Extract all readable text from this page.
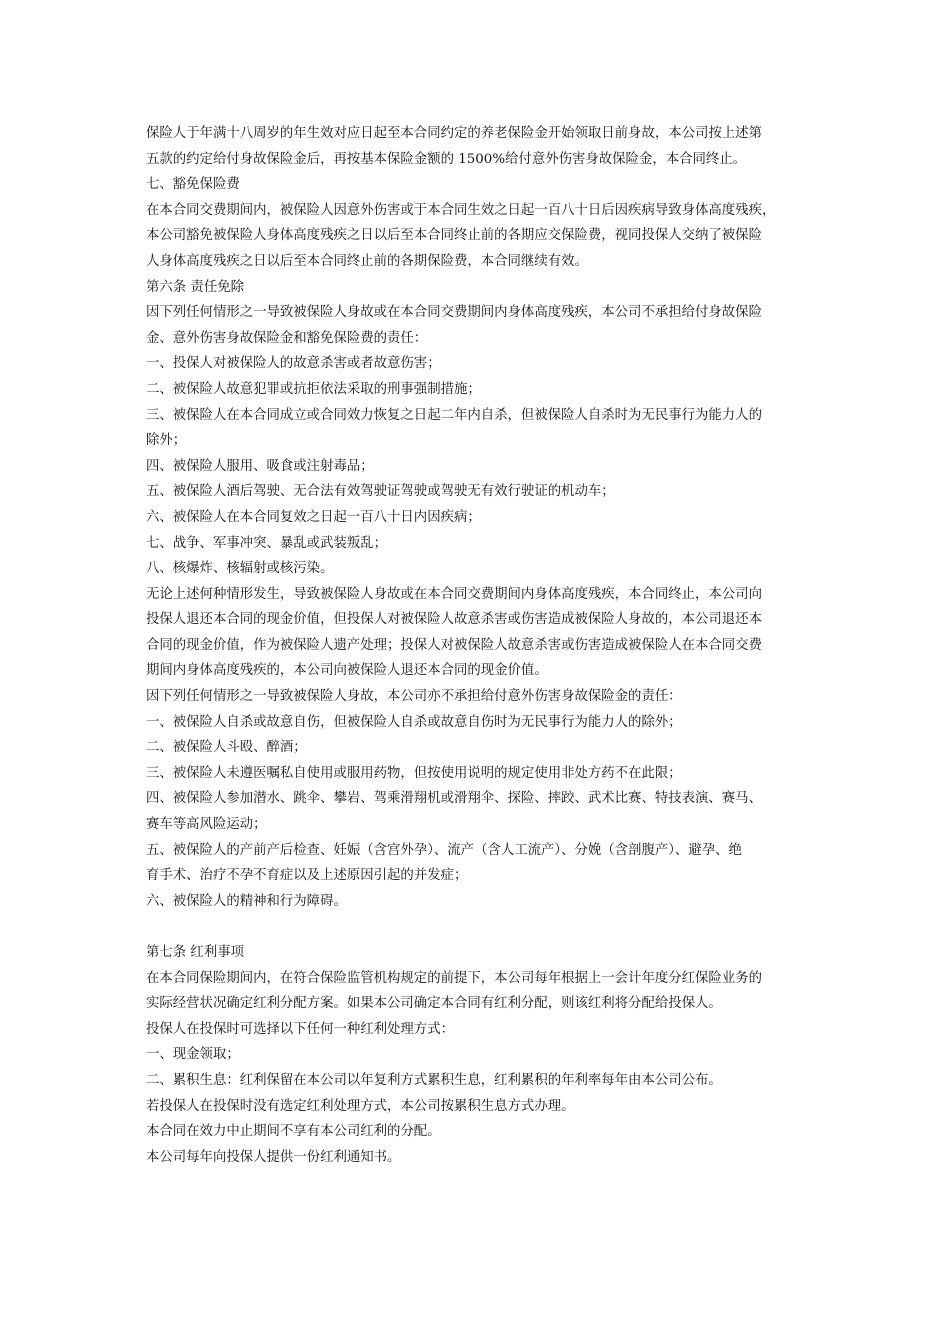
保险人于年满十八周岁的年生效对应日起至本合同约定的养老保险金开始领取日前身故，本公司按上述第
五款的约定给付身故保险金后，再按基本保险金额的 1500%给付意外伤害身故保险金，本合同终止。
七、豁免保险费
在本合同交费期间内，被保险人因意外伤害或于本合同生效之日起一百八十日后因疾病导致身体高度残疾，
本公司豁免被保险人身体高度残疾之日以后至本合同终止前的各期应交保险费，视同投保人交纳了被保险
人身体高度残疾之日以后至本合同终止前的各期保险费，本合同继续有效。
第六条 责任免除
因下列任何情形之一导致被保险人身故或在本合同交费期间内身体高度残疾，本公司不承担给付身故保险
金、意外伤害身故保险金和豁免保险费的责任：
一、投保人对被保险人的故意杀害或者故意伤害；
二、被保险人故意犯罪或抗拒依法采取的刑事强制措施；
三、被保险人在本合同成立或合同效力恢复之日起二年内自杀，但被保险人自杀时为无民事行为能力人的
除外；
四、被保险人服用、吸食或注射毒品；
五、被保险人酒后驾驶、无合法有效驾驶证驾驶或驾驶无有效行驶证的机动车；
六、被保险人在本合同复效之日起一百八十日内因疾病；
七、战争、军事冲突、暴乱或武装叛乱；
八、核爆炸、核辐射或核污染。
无论上述何种情形发生，导致被保险人身故或在本合同交费期间内身体高度残疾，本合同终止，本公司向
投保人退还本合同的现金价值，但投保人对被保险人故意杀害或伤害造成被保险人身故的，本公司退还本
合同的现金价值，作为被保险人遗产处理；投保人对被保险人故意杀害或伤害造成被保险人在本合同交费
期间内身体高度残疾的，本公司向被保险人退还本合同的现金价值。
因下列任何情形之一导致被保险人身故，本公司亦不承担给付意外伤害身故保险金的责任：
一、被保险人自杀或故意自伤，但被保险人自杀或故意自伤时为无民事行为能力人的除外；
二、被保险人斗殴、醉酒；
三、被保险人未遵医嘱私自使用或服用药物，但按使用说明的规定使用非处方药不在此限；
四、被保险人参加潜水、跳伞、攀岩、驾乘滑翔机或滑翔伞、探险、摔跤、武术比赛、特技表演、赛马、
赛车等高风险运动；
五、被保险人的产前产后检查、妊娠（含宫外孕）、流产（含人工流产）、分娩（含剖腹产）、避孕、绝
育手术、治疗不孕不育症以及上述原因引起的并发症；
六、被保险人的精神和行为障碍。
第七条 红利事项
在本合同保险期间内，在符合保险监管机构规定的前提下，本公司每年根据上一会计年度分红保险业务的
实际经营状况确定红利分配方案。如果本公司确定本合同有红利分配，则该红利将分配给投保人。
投保人在投保时可选择以下任何一种红利处理方式：
一、现金领取；
二、累积生息：红利保留在本公司以年复利方式累积生息，红利累积的年利率每年由本公司公布。
若投保人在投保时没有选定红利处理方式，本公司按累积生息方式办理。
本合同在效力中止期间不享有本公司红利的分配。
本公司每年向投保人提供一份红利通知书。
